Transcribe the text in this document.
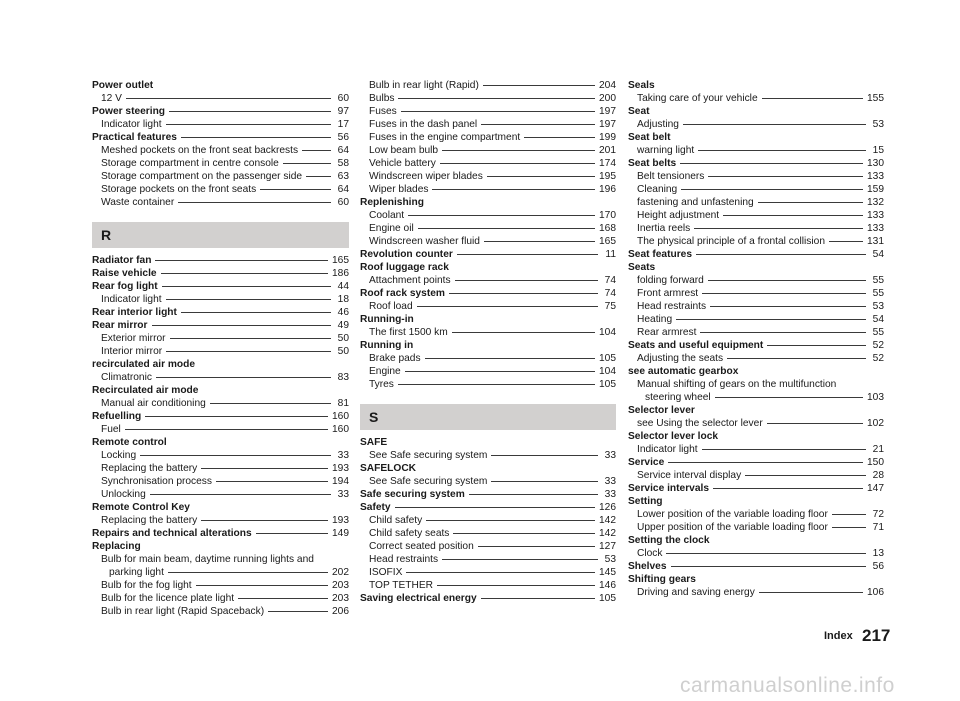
Power outlet
12 V	60
Power steering	97
Indicator light	17
Practical features	56
Meshed pockets on the front seat backrests	64
Storage compartment in centre console	58
Storage compartment on the passenger side	63
Storage pockets on the front seats	64
Waste container	60
R
Radiator fan	165
Raise vehicle	186
Rear fog light	44
Indicator light	18
Rear interior light	46
Rear mirror	49
Exterior mirror	50
Interior mirror	50
recirculated air mode
Climatronic	83
Recirculated air mode
Manual air conditioning	81
Refuelling	160
Fuel	160
Remote control
Locking	33
Replacing the battery	193
Synchronisation process	194
Unlocking	33
Remote Control Key
Replacing the battery	193
Repairs and technical alterations	149
Replacing
Bulb for main beam, daytime running lights and
parking light	202
Bulb for the fog light	203
Bulb for the licence plate light	203
Bulb in rear light (Rapid Spaceback)	206
Bulb in rear light (Rapid)	204
Bulbs	200
Fuses	197
Fuses in the dash panel	197
Fuses in the engine compartment	199
Low beam bulb	201
Vehicle battery	174
Windscreen wiper blades	195
Wiper blades	196
Replenishing
Coolant	170
Engine oil	168
Windscreen washer fluid	165
Revolution counter	11
Roof luggage rack
Attachment points	74
Roof rack system	74
Roof load	75
Running-in
The first 1500 km	104
Running in
Brake pads	105
Engine	104
Tyres	105
S
SAFE
See Safe securing system	33
SAFELOCK
See Safe securing system	33
Safe securing system	33
Safety	126
Child safety	142
Child safety seats	142
Correct seated position	127
Head restraints	53
ISOFIX	145
TOP TETHER	146
Saving electrical energy	105
Seals
Taking care of your vehicle	155
Seat
Adjusting	53
Seat belt
warning light	15
Seat belts	130
Belt tensioners	133
Cleaning	159
fastening and unfastening	132
Height adjustment	133
Inertia reels	133
The physical principle of a frontal collision	131
Seat features	54
Seats
folding forward	55
Front armrest	55
Head restraints	53
Heating	54
Rear armrest	55
Seats and useful equipment	52
Adjusting the seats	52
see automatic gearbox
Manual shifting of gears on the multifunction
steering wheel	103
Selector lever
see Using the selector lever	102
Selector lever lock
Indicator light	21
Service	150
Service interval display	28
Service intervals	147
Setting
Lower position of the variable loading floor	72
Upper position of the variable loading floor	71
Setting the clock
Clock	13
Shelves	56
Shifting gears
Driving and saving energy	106
Index 217
carmanualsonline.info
